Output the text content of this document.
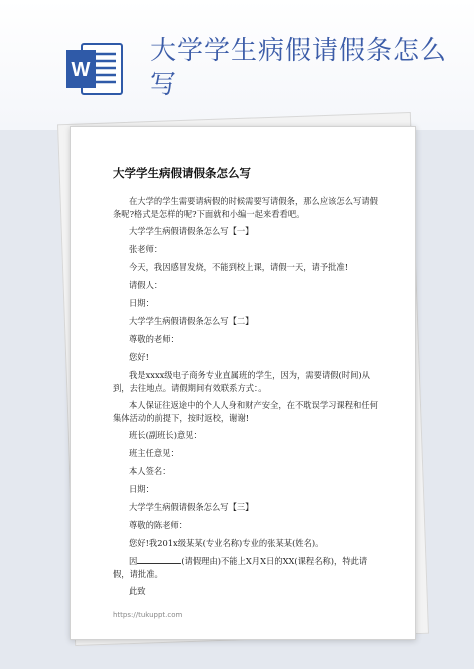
W
大学学生病假请假条怎么写
大学学生病假请假条怎么写
在大学的学生需要请病假的时候需要写请假条，那么应该怎么写请假条呢?格式是怎样的呢?下面就和小编一起来看看吧。
大学学生病假请假条怎么写【一】
张老师：
今天，我因感冒发烧，不能到校上课，请假一天，请予批准!
请假人：
日期：
大学学生病假请假条怎么写【二】
尊敬的老师：
您好!
我是xxxx级电子商务专业直属班的学生，因为，需要请假(时间)从到，去往地点。请假期间有效联系方式：。
本人保证往返途中的个人人身和财产安全，在不耽误学习课程和任何集体活动的前提下，按时返校，谢谢!
班长(副班长)意见：
班主任意见：
本人签名：
日期：
大学学生病假请假条怎么写【三】
尊敬的陈老师：
您好!我201x级某某(专业名称)专业的张某某(姓名)。
因	(请假理由)不能上X月X日的XX(课程名称)，特此请假，请批准。
此致
https://tukuppt.com
